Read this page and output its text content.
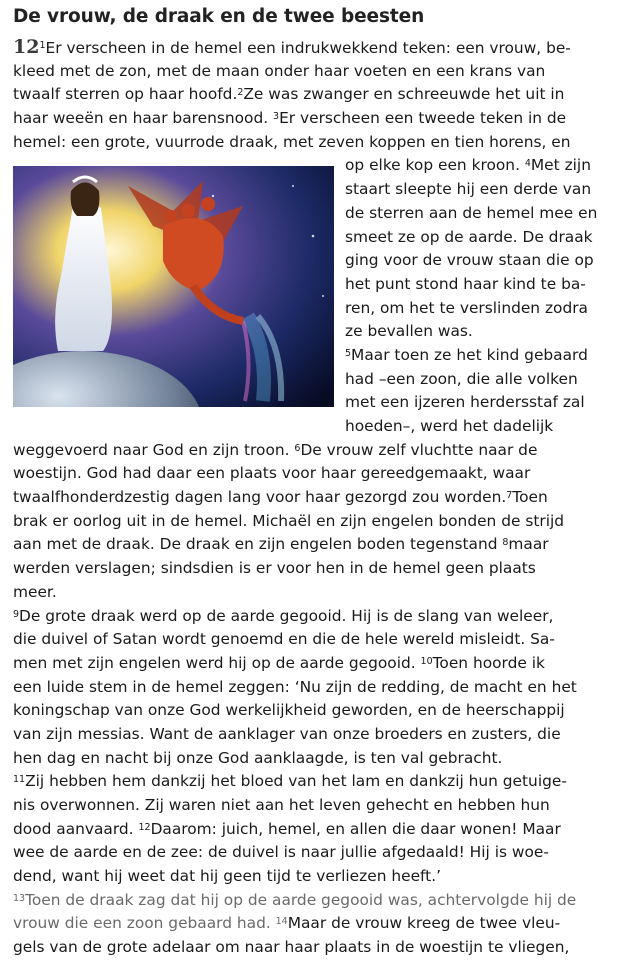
De vrouw, de draak en de twee beesten
$12^1Er$ verscheen in de hemel een indrukwekkend teken: een vrouw, be-
kleed met de zon, met de maan onder haar voeten en een krans van
twaalf sterren op haar hoofd.$^2$Ze was zwanger en schreeuwde het uit in
haar weeën en haar barensnood. $^3$Er verscheen een tweede teken in de
hemel: een grote, vuurrode draak, met zeven koppen en tien horens, en
op elke kop een kroon. $^4$Met zijn
staart sleepte hij een derde van
de sterren aan de hemel mee en
smeet ze op de aarde. De draak
ging voor de vrouw staan die op
het punt stond haar kind te ba-
ren, om het te verslinden zodra
ze bevallen was.
$^5$Maar toen ze het kind gebaard
had –een zoon, die alle volken
met een ijzeren herdersstaf zal
hoeden–, werd het dadelijk
weggevoerd naar God en zijn troon. $^6$De vrouw zelf vluchtte naar de
woestijn. God had daar een plaats voor haar gereedgemaakt, waar
twaalfhonderdzestig dagen lang voor haar gezorgd zou worden.$^7$Toen
brak er oorlog uit in de hemel. Michaël en zijn engelen bonden de strijd
aan met de draak. De draak en zijn engelen boden tegenstand $^8$maar
werden verslagen; sindsdien is er voor hen in de hemel geen plaats
meer.
$^9$De grote draak werd op de aarde gegooid. Hij is de slang van weleer,
die duivel of Satan wordt genoemd en die de hele wereld misleidt. Sa-
men met zijn engelen werd hij op de aarde gegooid. $^{10}$Toen hoorde ik
een luide stem in de hemel zeggen: ‘Nu zijn de redding, de macht en het
koningschap van onze God werkelijkheid geworden, en de heerschappij
van zijn messias. Want de aanklager van onze broeders en zusters, die
hen dag en nacht bij onze God aanklaagde, is ten val gebracht.
$^{11}$Zij hebben hem dankzij het bloed van het lam en dankzij hun getuige-
nis overwonnen. Zij waren niet aan het leven gehecht en hebben hun
dood aanvaard. $^{12}$Daarom: juich, hemel, en allen die daar wonen! Maar
wee de aarde en de zee: de duivel is naar jullie afgedaald! Hij is woe-
dend, want hij weet dat hij geen tijd te verliezen heeft.’
$^{13}$Toen de draak zag dat hij op de aarde gegooid was, achtervolgde hij de
vrouw die een zoon gebaard had. $^{14}$Maar de vrouw kreeg de twee vleu-
gels van de grote adelaar om naar haar plaats in de woestijn te vliegen,
